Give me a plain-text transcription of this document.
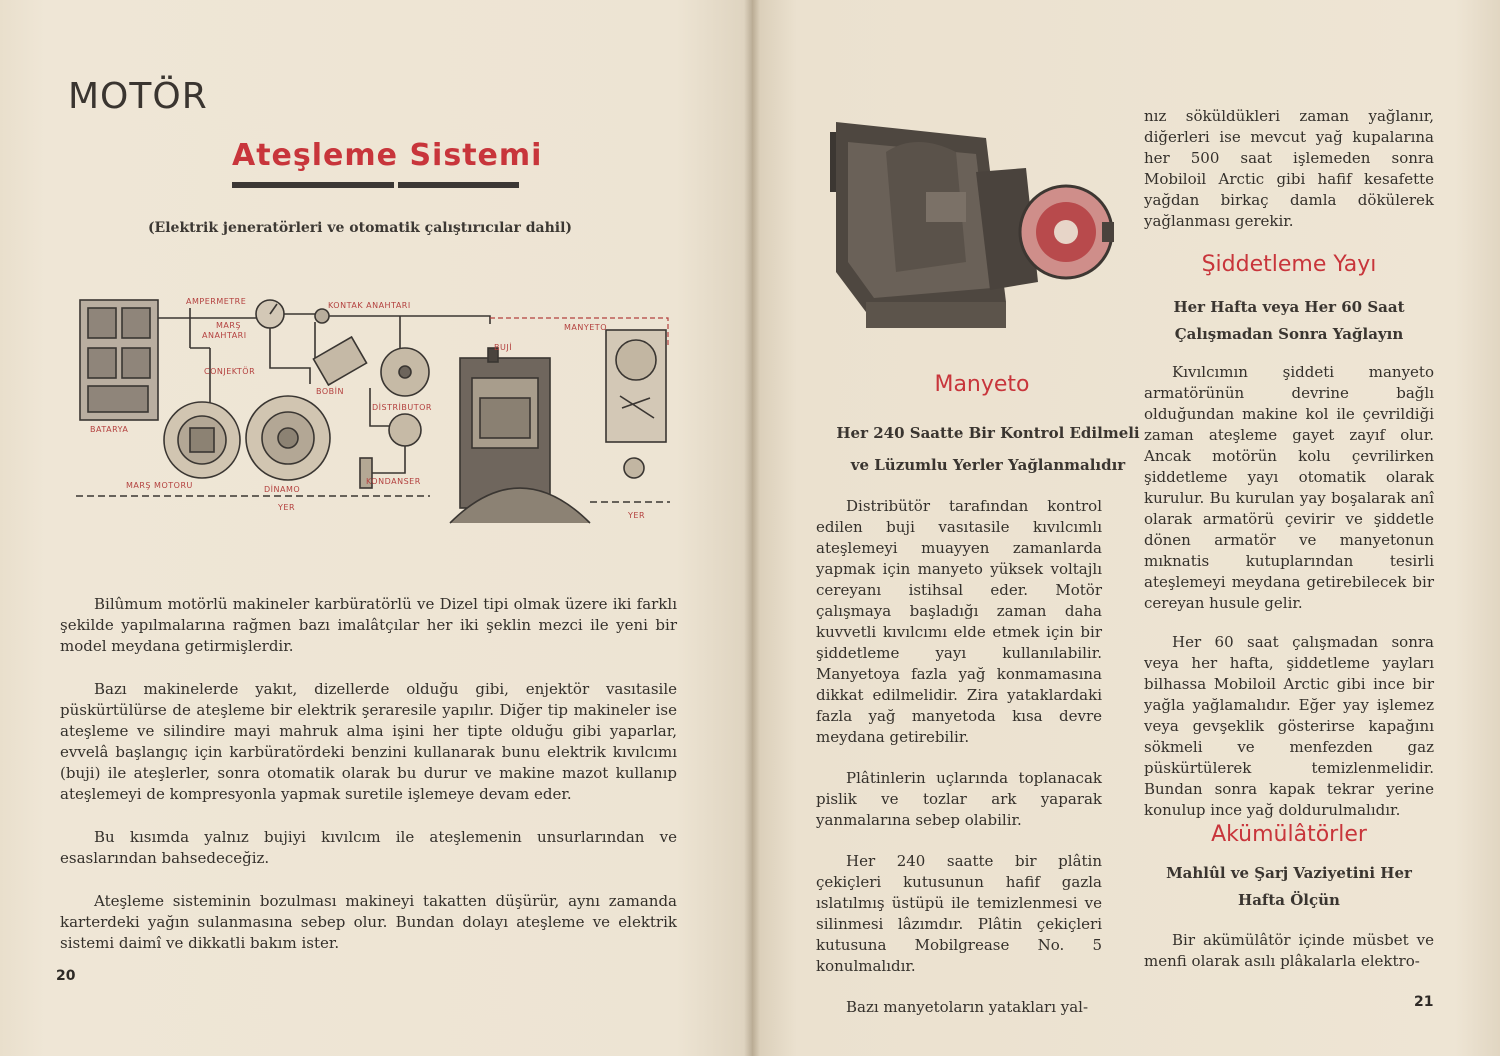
MOTÖR
Ateşleme Sistemi
(Elektrik jeneratörleri ve otomatik çalıştırıcılar dahil)
AMPERMETRE	KONTAK ANAHTARI
MARŞ
ANAHTARI
CONJEKTÖR
BOBİN
DİSTRİBUTOR
BUJİ
MANYETO
BATARYA
MARŞ MOTORU	DİNAMO
KONDANSER
YER
YER

Bilûmum motörlü makineler karbüratörlü ve Dizel tipi olmak üzere iki farklı şekilde yapılmalarına rağmen bazı imalâtçılar her iki şeklin mezci ile yeni bir model meydana getirmişlerdir.

Bazı makinelerde yakıt, dizellerde olduğu gibi, enjektör vasıtasile püskürtülürse de ateşleme bir elektrik şeraresile yapılır. Diğer tip makineler ise ateşleme ve silindire mayi mahruk alma işini her tipte olduğu gibi yaparlar, evvelâ başlangıç için karbüratördeki benzini kullanarak bunu elektrik kıvılcımı (buji) ile ateşlerler, sonra otomatik olarak bu durur ve makine mazot kullanıp ateşlemeyi de kompresyonla yapmak suretile işlemeye devam eder.

Bu kısımda yalnız bujiyi kıvılcım ile ateşlemenin unsurlarından ve esaslarından bahsedeceğiz.

Ateşleme sisteminin bozulması makineyi takatten düşürür, aynı zamanda karterdeki yağın sulanmasına sebep olur. Bundan dolayı ateşleme ve elektrik sistemi daimî ve dikkatli bakım ister.

20
Manyeto
Her 240 Saatte Bir Kontrol Edilmeli
ve Lüzumlu Yerler Yağlanmalıdır

Distribütör tarafından kontrol edilen buji vasıtasile kıvılcımlı ateşlemeyi muayyen zamanlarda yapmak için manyeto yüksek voltajlı cereyanı istihsal eder. Motör çalışmaya başladığı zaman daha kuvvetli kıvılcımı elde etmek için bir şiddetleme yayı kullanılabilir. Manyetoya fazla yağ konmamasına dikkat edilmelidir. Zira yataklardaki fazla yağ manyetoda kısa devre meydana getirebilir.

Plâtinlerin uçlarında toplanacak pislik ve tozlar ark yaparak yanmalarına sebep olabilir.

Her 240 saatte bir plâtin çekiçleri kutusunun hafif gazla ıslatılmış üstüpü ile temizlenmesi ve silinmesi lâzımdır. Plâtin çekiçleri kutusuna Mobilgrease No. 5 konulmalıdır.

Bazı manyetoların yatakları yal-

nız söküldükleri zaman yağlanır, diğerleri ise mevcut yağ kupalarına her 500 saat işlemeden sonra Mobiloil Arctic gibi hafif kesafette yağdan birkaç damla dökülerek yağlanması gerekir.

Şiddetleme Yayı
Her Hafta veya Her 60 Saat
Çalışmadan Sonra Yağlayın

Kıvılcımın şiddeti manyeto armatörünün devrine bağlı olduğundan makine kol ile çevrildiği zaman ateşleme gayet zayıf olur. Ancak motörün kolu çevrilirken şiddetleme yayı otomatik olarak kurulur. Bu kurulan yay boşalarak anî olarak armatörü çevirir ve şiddetle dönen armatör ve manyetonun mıknatis kutuplarından tesirli ateşlemeyi meydana getirebilecek bir cereyan husule gelir.

Her 60 saat çalışmadan sonra veya her hafta, şiddetleme yayları bilhassa Mobiloil Arctic gibi ince bir yağla yağlamalıdır. Eğer yay işlemez veya gevşeklik gösterirse kapağını sökmeli ve menfezden gaz püskürtülerek temizlenmelidir. Bundan sonra kapak tekrar yerine konulup ince yağ doldurulmalıdır.

Akümülâtörler
Mahlûl ve Şarj Vaziyetini Her
Hafta Ölçün

Bir akümülâtör içinde müsbet ve menfi olarak asılı plâkalarla elektro-

21
